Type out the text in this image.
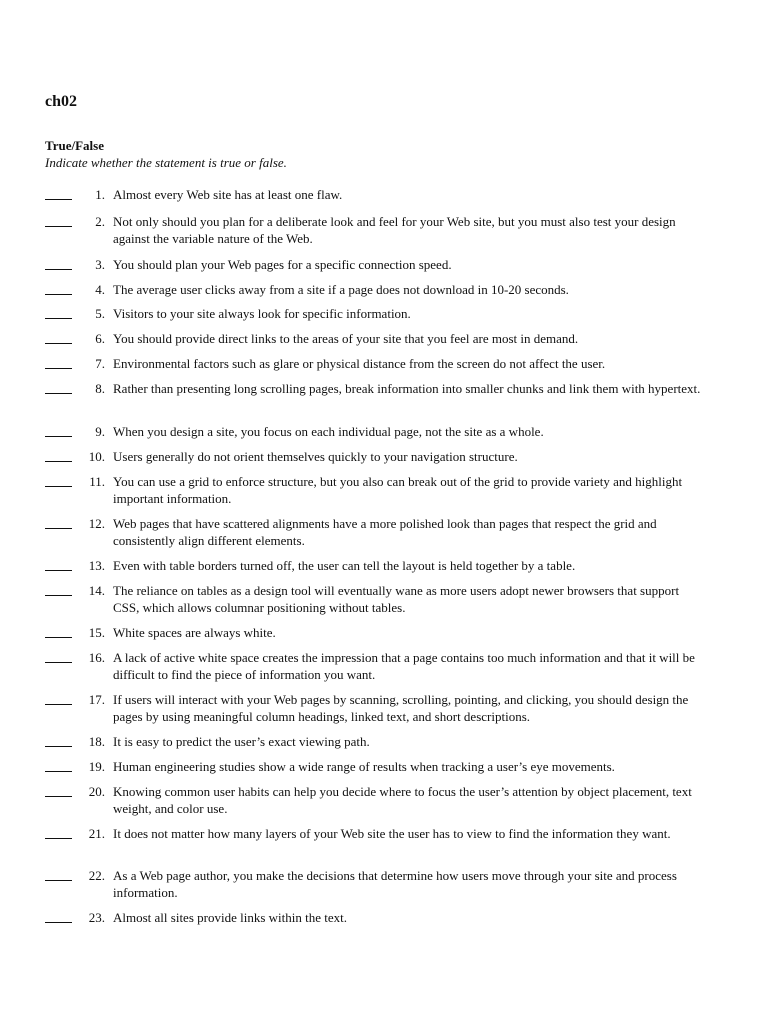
ch02
True/False

Indicate whether the statement is true or false.

1. Almost every Web site has at least one flaw.
2. Not only should you plan for a deliberate look and feel for your Web site, but you must also test your design against the variable nature of the Web.
3. You should plan your Web pages for a specific connection speed.
4. The average user clicks away from a site if a page does not download in 10-20 seconds.
5. Visitors to your site always look for specific information.
6. You should provide direct links to the areas of your site that you feel are most in demand.
7. Environmental factors such as glare or physical distance from the screen do not affect the user.
8. Rather than presenting long scrolling pages, break information into smaller chunks and link them with hypertext.
9. When you design a site, you focus on each individual page, not the site as a whole.
10. Users generally do not orient themselves quickly to your navigation structure.
11. You can use a grid to enforce structure, but you also can break out of the grid to provide variety and highlight important information.
12. Web pages that have scattered alignments have a more polished look than pages that respect the grid and consistently align different elements.
13. Even with table borders turned off, the user can tell the layout is held together by a table.
14. The reliance on tables as a design tool will eventually wane as more users adopt newer browsers that support CSS, which allows columnar positioning without tables.
15. White spaces are always white.
16. A lack of active white space creates the impression that a page contains too much information and that it will be difficult to find the piece of information you want.
17. If users will interact with your Web pages by scanning, scrolling, pointing, and clicking, you should design the pages by using meaningful column headings, linked text, and short descriptions.
18. It is easy to predict the user’s exact viewing path.
19. Human engineering studies show a wide range of results when tracking a user’s eye movements.
20. Knowing common user habits can help you decide where to focus the user’s attention by object placement, text weight, and color use.
21. It does not matter how many layers of your Web site the user has to view to find the information they want.
22. As a Web page author, you make the decisions that determine how users move through your site and process information.
23. Almost all sites provide links within the text.
